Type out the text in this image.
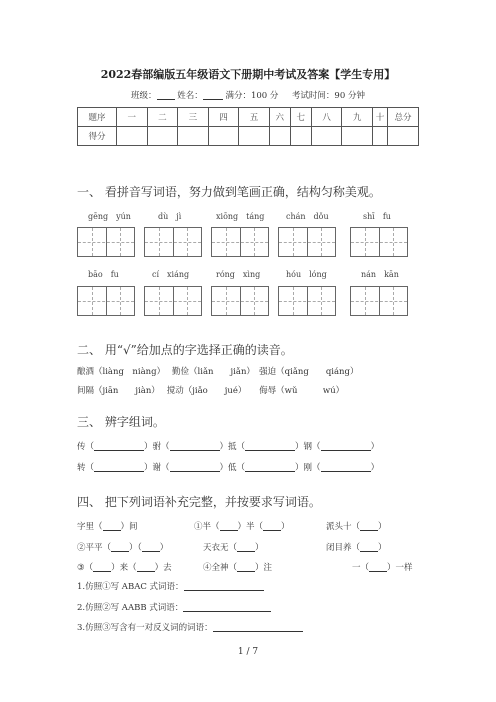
2022春部编版五年级语文下册期中考试及答案【学生专用】
班级： 姓名：	满分：100 分 考试时间：90 分钟
题序	一	二	三	四	五	六	七	八	九	十	总分
得分											
一、 看拼音写词语，努力做到笔画正确，结构匀称美观。
gēng　yún	dù　jì	xiōng　táng	chán　dǒu	shī　fu
bāo　fu	cí　xiáng	róng　xìng	hóu　lóng	nán　kān
二、 用“√”给加点的字选择正确的读音。
酿酒（liàng　niàng）　 勤俭（liǎn　　jiǎn）　强迫（qiǎng　　qiáng）
间隔（jiān　　jiàn）　 搅动（jiǎo　　jué）　　侮辱（wǔ　　　wú）
三、 辨字组词。
传（	）驸（	）抵（	）钢（	）
转（	）谢（	）低（	）刚（	）
四、 把下列词语补充完整，并按要求写词语。
字里（ ）间	①半（ ）半（ ）	派头十（ ）
②平平（ ）（ ）	天衣无（ ）	闭目养（ ）
③（ ）来（ ）去	④全神（ ）注	一（ ）一样
1.仿照①写 ABAC 式词语：
2.仿照②写 AABB 式词语：
3.仿照③写含有一对反义词的词语：
1 / 7
